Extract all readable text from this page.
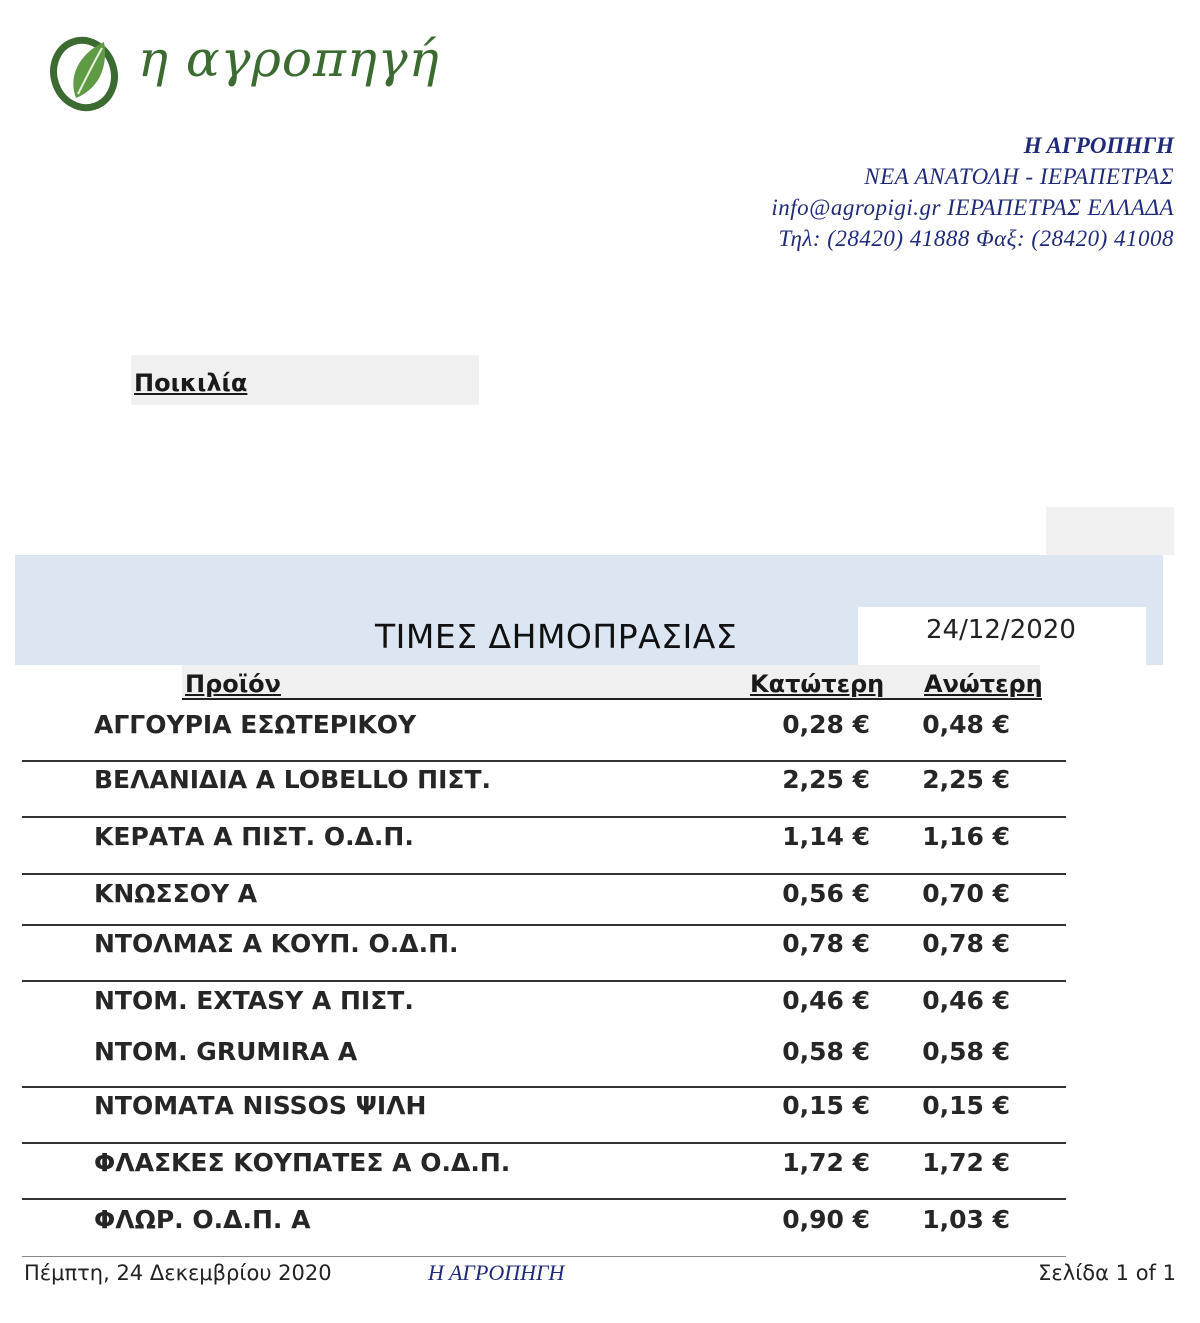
η αγροπηγή
Η ΑΓΡΟΠΗΓΗ
ΝΕΑ ΑΝΑΤΟΛΗ - ΙΕΡΑΠΕΤΡΑΣ
info@agropigi.gr ΙΕΡΑΠΕΤΡΑΣ ΕΛΛΑΔΑ
Τηλ: (28420) 41888 Φαξ: (28420) 41008
Ποικιλία
ΤΙΜΕΣ ΔΗΜΟΠΡΑΣΙΑΣ	24/12/2020
Προϊόν	Κατώτερη Ανώτερη
ΑΓΓΟΥΡΙΑ ΕΣΩΤΕΡΙΚΟΥ	0,28 € 0,48 €
ΒΕΛΑΝΙΔΙΑ Α LOBELLO ΠΙΣΤ.	2,25 € 2,25 €
ΚΕΡΑΤΑ Α ΠΙΣΤ. Ο.Δ.Π.	1,14 € 1,16 €
ΚΝΩΣΣΟΥ Α	0,56 € 0,70 €
ΝΤΟΛΜΑΣ Α ΚΟΥΠ. Ο.Δ.Π.	0,78 € 0,78 €
ΝΤΟΜ. EXTASY Α ΠΙΣΤ.	0,46 € 0,46 €
ΝΤΟΜ. GRUMIRA Α	0,58 € 0,58 €
ΝΤΟΜΑΤΑ NISSOS ΨΙΛΗ	0,15 € 0,15 €
ΦΛΑΣΚΕΣ ΚΟΥΠΑΤΕΣ Α Ο.Δ.Π.	1,72 € 1,72 €
ΦΛΩΡ. Ο.Δ.Π. Α	0,90 € 1,03 €
Πέμπτη, 24 Δεκεμβρίου 2020	Η ΑΓΡΟΠΗΓΗ	Σελίδα 1 of 1
